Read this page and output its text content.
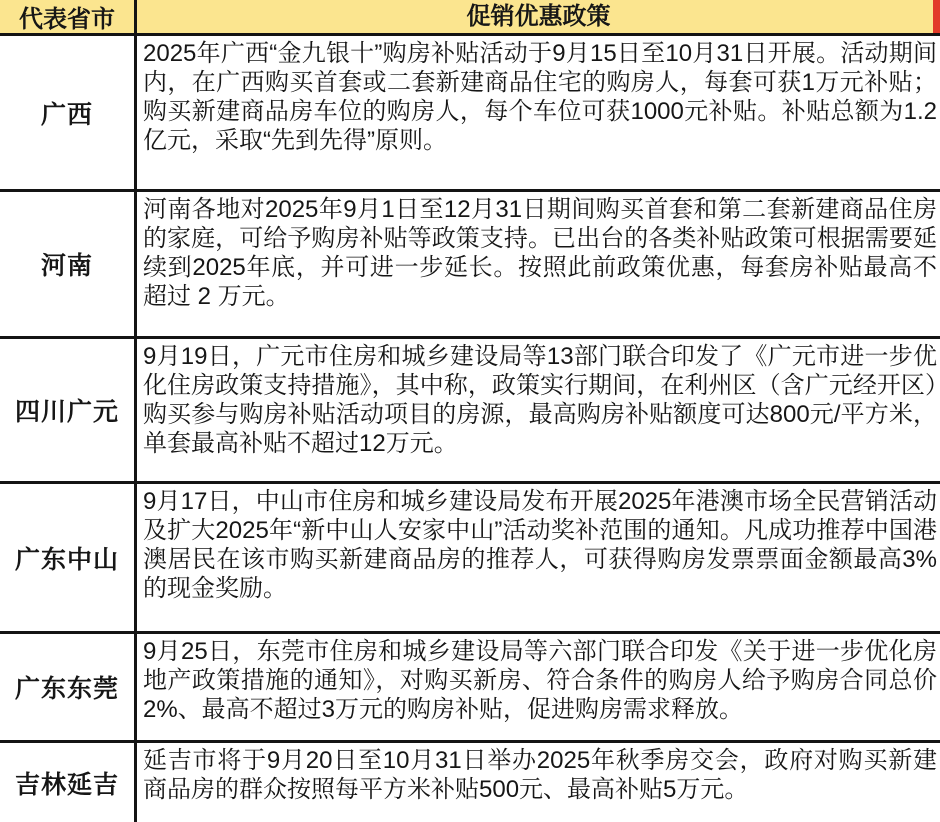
代表省市	促销优惠政策
广西
2025年广西“金九银十”购房补贴活动于9月15日至10月31日开展。活动期间内，在广西购买首套或二套新建商品住宅的购房人，每套可获1万元补贴；购买新建商品房车位的购房人，每个车位可获1000元补贴。补贴总额为1.2亿元，采取“先到先得”原则。
河南
河南各地对2025年9月1日至12月31日期间购买首套和第二套新建商品住房的家庭，可给予购房补贴等政策支持。已出台的各类补贴政策可根据需要延续到2025年底，并可进一步延长。按照此前政策优惠，每套房补贴最高不超过 2 万元。
四川广元
9月19日，广元市住房和城乡建设局等13部门联合印发了《广元市进一步优化住房政策支持措施》，其中称，政策实行期间，在利州区（含广元经开区）购买参与购房补贴活动项目的房源，最高购房补贴额度可达800元/平方米，单套最高补贴不超过12万元。
广东中山
9月17日，中山市住房和城乡建设局发布开展2025年港澳市场全民营销活动及扩大2025年“新中山人安家中山”活动奖补范围的通知。凡成功推荐中国港澳居民在该市购买新建商品房的推荐人，可获得购房发票票面金额最高3%的现金奖励。
广东东莞
9月25日，东莞市住房和城乡建设局等六部门联合印发《关于进一步优化房地产政策措施的通知》，对购买新房、符合条件的购房人给予购房合同总价2%、最高不超过3万元的购房补贴，促进购房需求释放。
吉林延吉
延吉市将于9月20日至10月31日举办2025年秋季房交会，政府对购买新建商品房的群众按照每平方米补贴500元、最高补贴5万元。
